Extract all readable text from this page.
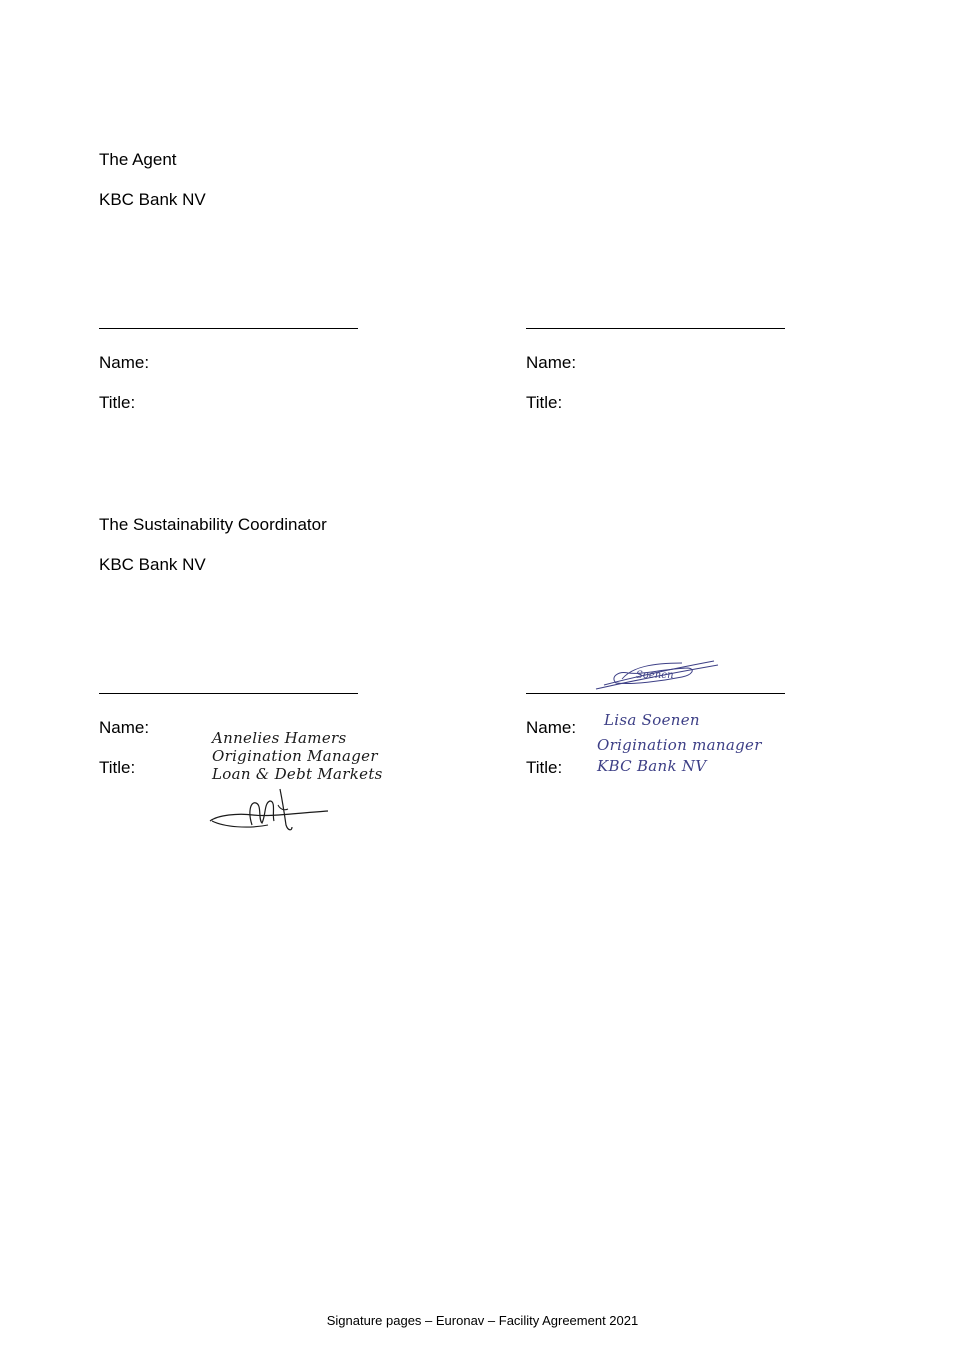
The Agent
KBC Bank NV
Name:
Title:
Name:
Title:
The Sustainability Coordinator
KBC Bank NV
Soenen
Name:
Title:
Name:
Title:
Annelies Hamers
Origination Manager
Loan & Debt Markets
Lisa Soenen
Origination manager
KBC Bank NV
Signature pages – Euronav – Facility Agreement 2021
